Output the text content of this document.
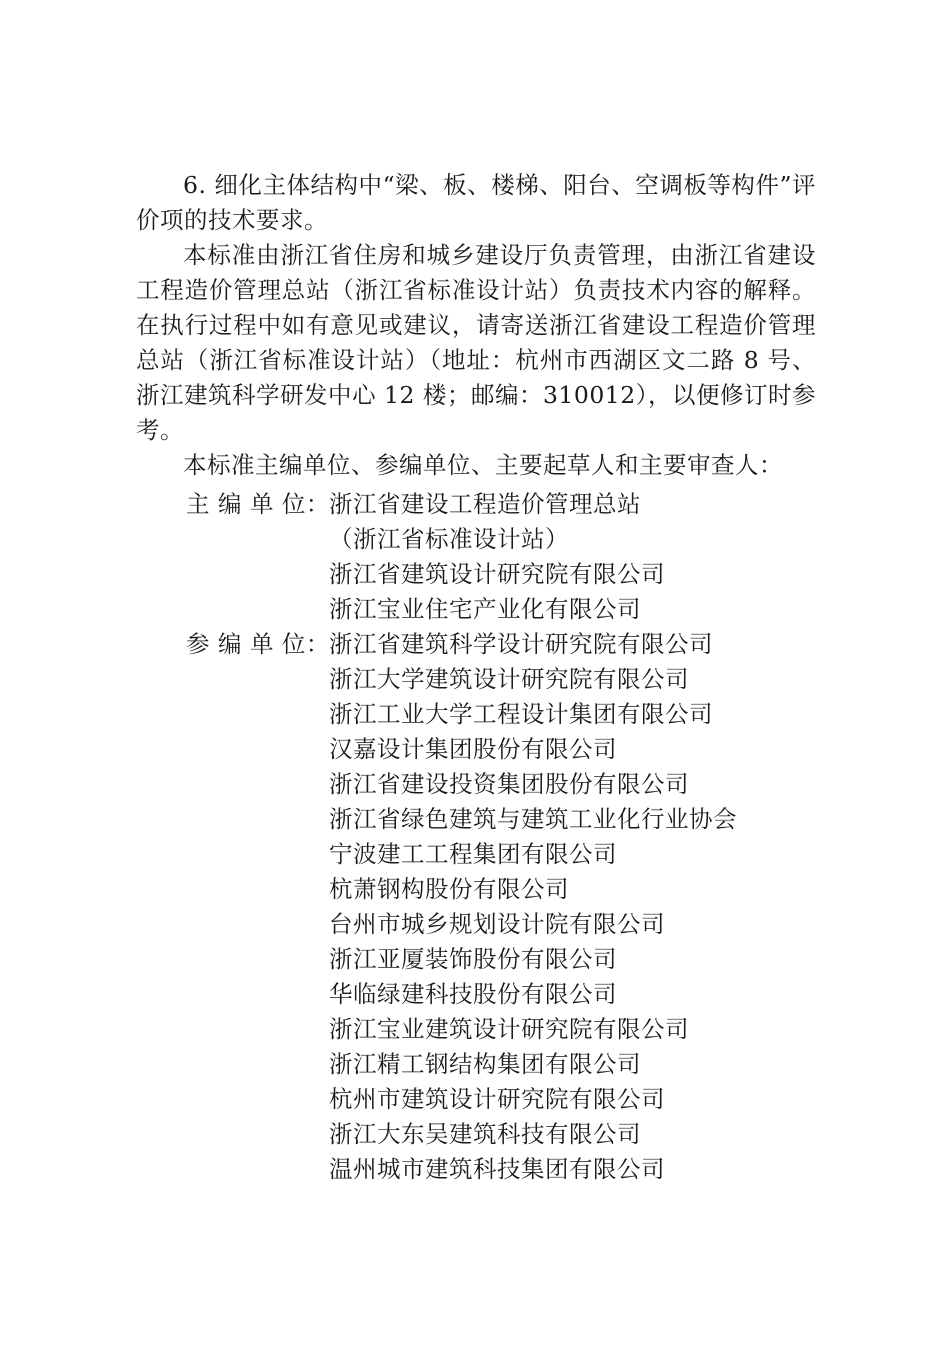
6. 细化主体结构中“梁、板、楼梯、阳台、空调板等构件”评价项的技术要求。

本标准由浙江省住房和城乡建设厅负责管理，由浙江省建设工程造价管理总站（浙江省标准设计站）负责技术内容的解释。在执行过程中如有意见或建议，请寄送浙江省建设工程造价管理总站（浙江省标准设计站）（地址：杭州市西湖区文二路 8 号、浙江建筑科学研发中心 12 楼；邮编：310012），以便修订时参考。

本标准主编单位、参编单位、主要起草人和主要审查人：

主 编 单 位： 浙江省建设工程造价管理总站
（浙江省标准设计站）
浙江省建筑设计研究院有限公司
浙江宝业住宅产业化有限公司
参 编 单 位： 浙江省建筑科学设计研究院有限公司
浙江大学建筑设计研究院有限公司
浙江工业大学工程设计集团有限公司
汉嘉设计集团股份有限公司
浙江省建设投资集团股份有限公司
浙江省绿色建筑与建筑工业化行业协会
宁波建工工程集团有限公司
杭萧钢构股份有限公司
台州市城乡规划设计院有限公司
浙江亚厦装饰股份有限公司
华临绿建科技股份有限公司
浙江宝业建筑设计研究院有限公司
浙江精工钢结构集团有限公司
杭州市建筑设计研究院有限公司
浙江大东吴建筑科技有限公司
温州城市建筑科技集团有限公司
